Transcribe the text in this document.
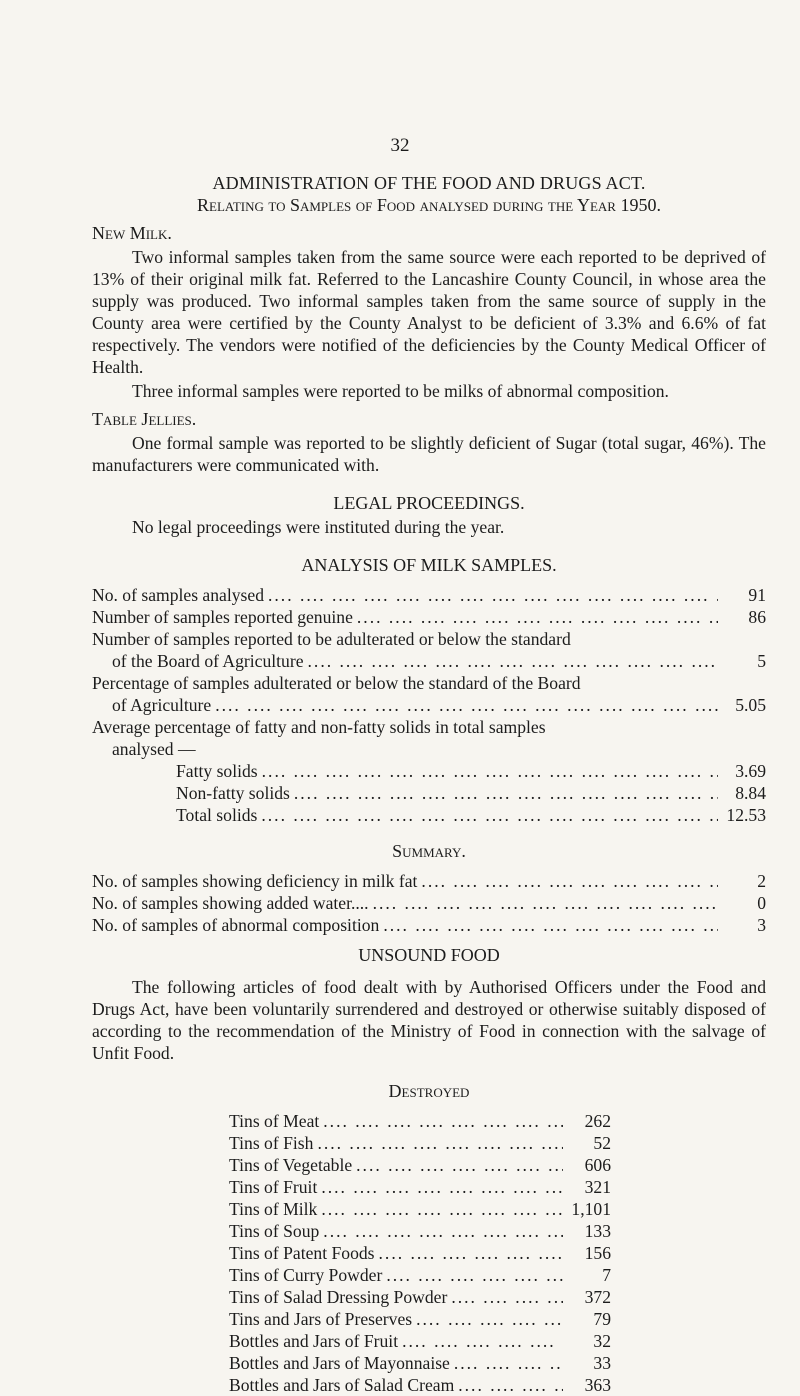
32
ADMINISTRATION OF THE FOOD AND DRUGS ACT.
Relating to Samples of Food analysed during the Year 1950.
New Milk.

Two informal samples taken from the same source were each reported to be deprived of 13% of their original milk fat. Referred to the Lancashire County Council, in whose area the supply was produced. Two informal samples taken from the same source of supply in the County area were certified by the County Analyst to be deficient of 3.3% and 6.6% of fat respectively. The vendors were notified of the deficiencies by the County Medical Officer of Health.

Three informal samples were reported to be milks of abnormal composition.

Table Jellies.

One formal sample was reported to be slightly deficient of Sugar (total sugar, 46%). The manufacturers were communicated with.

LEGAL PROCEEDINGS.

No legal proceedings were instituted during the year.

ANALYSIS OF MILK SAMPLES.
No. of samples analysed ....	91
Number of samples reported genuine ....	86
Number of samples reported to be adulterated or below the standard
of the Board of Agriculture ....	5
Percentage of samples adulterated or below the standard of the Board
of Agriculture ....	5.05
Average percentage of fatty and non-fatty solids in total samples
analysed —
Fatty solids ....	3.69
Non-fatty solids ....	8.84
Total solids ....	12.53
Summary.
No. of samples showing deficiency in milk fat ....	2
No. of samples showing added water.... ....	0
No. of samples of abnormal composition ....	3
UNSOUND FOOD

The following articles of food dealt with by Authorised Officers under the Food and Drugs Act, have been voluntarily surrendered and destroyed or otherwise suitably disposed of according to the recommendation of the Ministry of Food in connection with the salvage of Unfit Food.

Destroyed
Tins of Meat ....	262
Tins of Fish ....	52
Tins of Vegetable ....	606
Tins of Fruit ....	321
Tins of Milk ....	1,101
Tins of Soup ....	133
Tins of Patent Foods ....	156
Tins of Curry Powder ....	7
Tins of Salad Dressing Powder ....	372
Tins and Jars of Preserves ....	79
Bottles and Jars of Fruit ....	32
Bottles and Jars of Mayonnaise ....	33
Bottles and Jars of Salad Cream ....	363
